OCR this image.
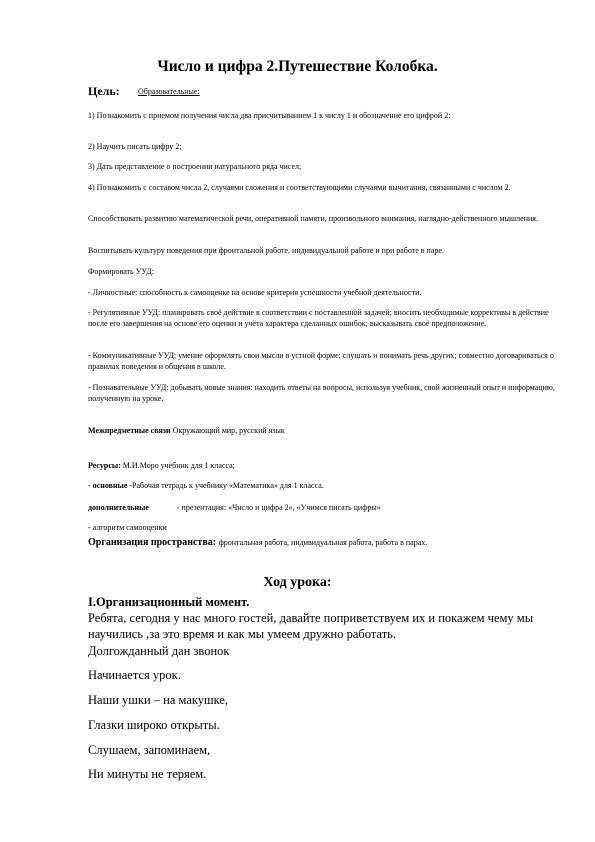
Число и цифра 2.Путешествие Колобка.
Цель: Образовательные:
1) Познакомить с приемом получения числа два присчитыванием 1 к числу 1 и обозначение его цифрой 2;
2) Научить писать цифру 2;
3) Дать представление о построении натурального ряда чисел;
4) Познакомить с составом числа 2, случаями сложения и соответствующими случаями вычитания, связанными с числом 2.
Способствовать развитию математической речи, оперативной памяти, произвольного внимания, наглядно-действенного мышления.
Воспитывать культуру поведения при фронтальной работе, индивидуальной работе и при работе в паре.
Формировать УУД:
- Личностные: способность к самооценке на основе критерия успешности учебной деятельности.
- Регулятивные УУД: планировать своё действие в соответствии с поставленной задачей; вносить необходимые коррективы в действие после его завершения на основе его оценки и учёта характера сделанных ошибок; высказывать своё предположение.
- Коммуникативные УУД: умение оформлять свои мысли в устной форме; слушать и понимать речь других; совместно договариваться о правилах поведения и общения в школе.
- Познавательные УУД: добывать новые знания: находить ответы на вопросы, используя учебник, свой жизненный опыт и информацию, полученную на уроке.
Межпредметные связи Окружающий мир, русский язык
Ресурсы: М.И.Моро учебник для 1 класса;
- основные -Рабочая тетрадь к учебнику «Математика» для 1 класса.
дополнительные	- презентация: «Число и цифра 2», «Учимся писать цифры»
- алгоритм самооценки
Организация пространства: фронтальная работа, индивидуальная работа, работа в парах.
Ход урока:
I.Организационный момент.
Ребята, сегодня у нас много гостей, давайте поприветствуем их и покажем чему мы научились ,за это время и как мы умеем дружно работать.
Долгожданный дан звонок
Начинается урок.
Наши ушки – на макушке,
Глазки широко открыты.
Слушаем, запоминаем,
Ни минуты не теряем.
